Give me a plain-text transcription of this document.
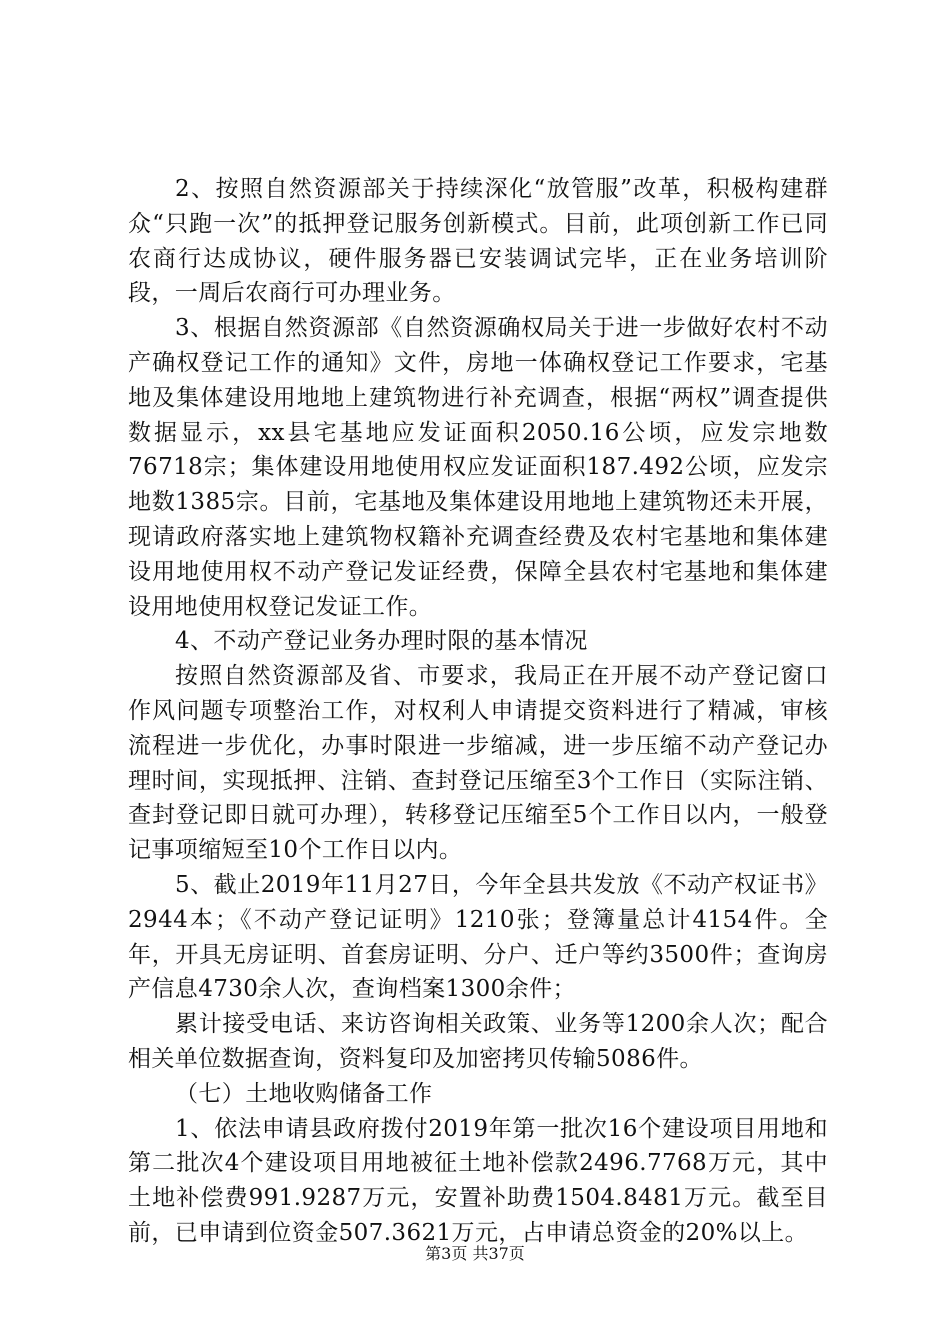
2、按照自然资源部关于持续深化“放管服”改革，积极构建群众“只跑一次”的抵押登记服务创新模式。目前，此项创新工作已同农商行达成协议，硬件服务器已安装调试完毕，正在业务培训阶段，一周后农商行可办理业务。

3、根据自然资源部《自然资源确权局关于进一步做好农村不动产确权登记工作的通知》文件，房地一体确权登记工作要求，宅基地及集体建设用地地上建筑物进行补充调查，根据“两权”调查提供数据显示，xx县宅基地应发证面积2050.16公顷，应发宗地数76718宗；集体建设用地使用权应发证面积187.492公顷，应发宗地数1385宗。目前，宅基地及集体建设用地地上建筑物还未开展，现请政府落实地上建筑物权籍补充调查经费及农村宅基地和集体建设用地使用权不动产登记发证经费，保障全县农村宅基地和集体建设用地使用权登记发证工作。

4、不动产登记业务办理时限的基本情况

按照自然资源部及省、市要求，我局正在开展不动产登记窗口作风问题专项整治工作，对权利人申请提交资料进行了精减，审核流程进一步优化，办事时限进一步缩减，进一步压缩不动产登记办理时间，实现抵押、注销、查封登记压缩至3个工作日（实际注销、查封登记即日就可办理），转移登记压缩至5个工作日以内，一般登记事项缩短至10个工作日以内。

5、截止2019年11月27日，今年全县共发放《不动产权证书》2944本；《不动产登记证明》1210张；登簿量总计4154件。全年，开具无房证明、首套房证明、分户、迁户等约3500件；查询房产信息4730余人次，查询档案1300余件；

累计接受电话、来访咨询相关政策、业务等1200余人次；配合相关单位数据查询，资料复印及加密拷贝传输5086件。

（七）土地收购储备工作

1、依法申请县政府拨付2019年第一批次16个建设项目用地和第二批次4个建设项目用地被征土地补偿款2496.7768万元，其中土地补偿费991.9287万元，安置补助费1504.8481万元。截至目前，已申请到位资金507.3621万元，占申请总资金的20%以上。

第3页 共37页
